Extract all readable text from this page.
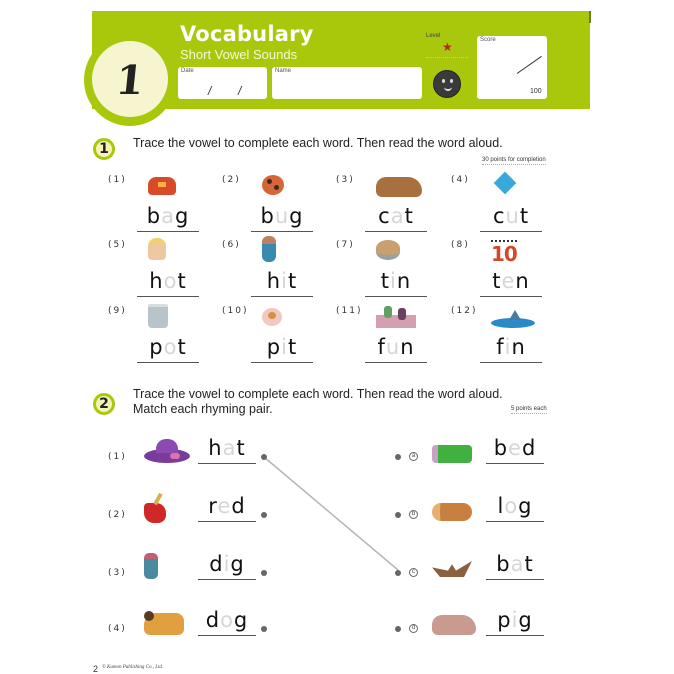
1
Vocabulary
Short Vowel Sounds
Date
/ /
Name
Level
★	Score
100
1 Trace the vowel to complete each word. Then read the word aloud.
30 points for completion
(1)
bag
(2)
bug
(3)
cat
(4)
cut
(5)
hot
(6)
hit
(7)
tin
(8) 10
ten
(9)
pot
(10)
pit
(11)
fun
(12)
fin
2
Trace the vowel to complete each word. Then read the word aloud.
Match each rhyming pair.	5 points each
(1)	hat
(2)	red
(3)	dig
(4)	dog
a	bed
b	log
c	bat
d	pig
2 © Kumon Publishing Co., Ltd.
